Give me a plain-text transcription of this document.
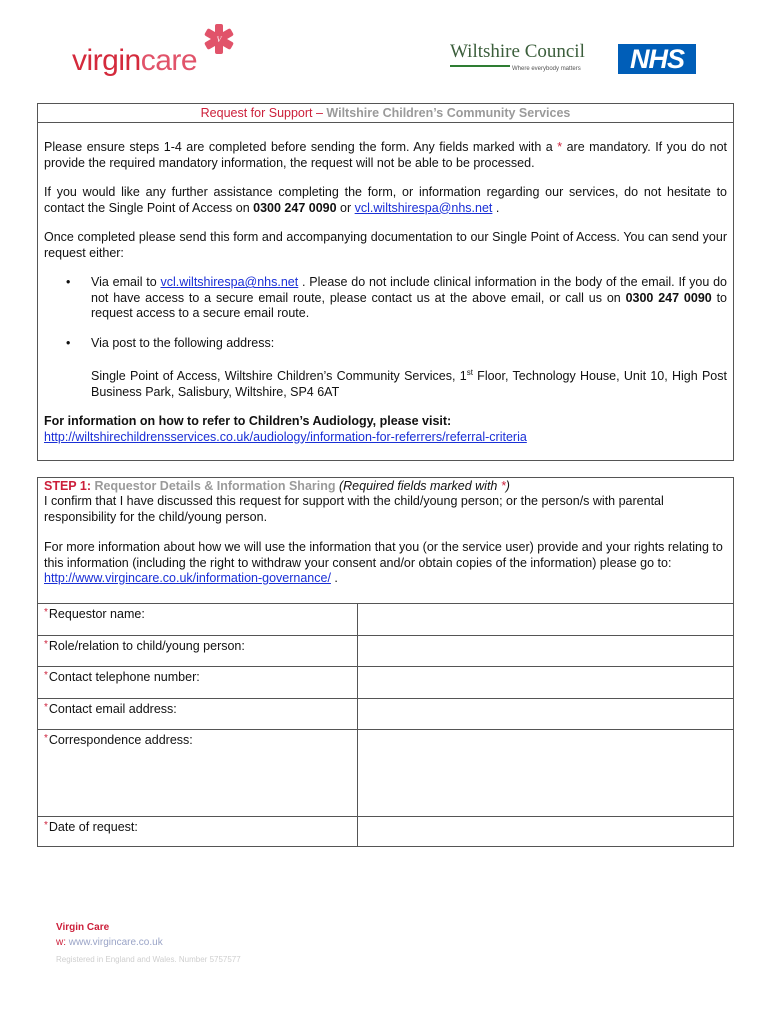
virgincare
V
Wiltshire Council
Where everybody matters	NHS
Request for Support – Wiltshire Children’s Community Services

Please ensure steps 1-4 are completed before sending the form. Any fields marked with a * are mandatory. If you do not provide the required mandatory information, the request will not be able to be processed.

If you would like any further assistance completing the form, or information regarding our services, do not hesitate to contact the Single Point of Access on 0300 247 0090 or vcl.wiltshirespa@nhs.net .

Once completed please send this form and accompanying documentation to our Single Point of Access. You can send your request either:

• Via email to vcl.wiltshirespa@nhs.net . Please do not include clinical information in the body of the email. If you do not have access to a secure email route, please contact us at the above email, or call us on 0300 247 0090 to request access to a secure email route.

• Via post to the following address:

Single Point of Access, Wiltshire Children’s Community Services, 1st Floor, Technology House, Unit 10, High Post Business Park, Salisbury, Wiltshire, SP4 6AT

For information on how to refer to Children’s Audiology, please visit:

http://wiltshirechildrensservices.co.uk/audiology/information-for-referrers/referral-criteria

STEP 1: Requestor Details & Information Sharing (Required fields marked with *)

I confirm that I have discussed this request for support with the child/young person; or the person/s with parental responsibility for the child/young person.

For more information about how we will use the information that you (or the service user) provide and your rights relating to this information (including the right to withdraw your consent and/or obtain copies of the information) please go to: http://www.virgincare.co.uk/information-governance/ .

*Requestor name:
*Role/relation to child/young person:
*Contact telephone number:
*Contact email address:
*Correspondence address:
*Date of request:
Virgin Care
w: www.virgincare.co.uk
Registered in England and Wales. Number 5757577
